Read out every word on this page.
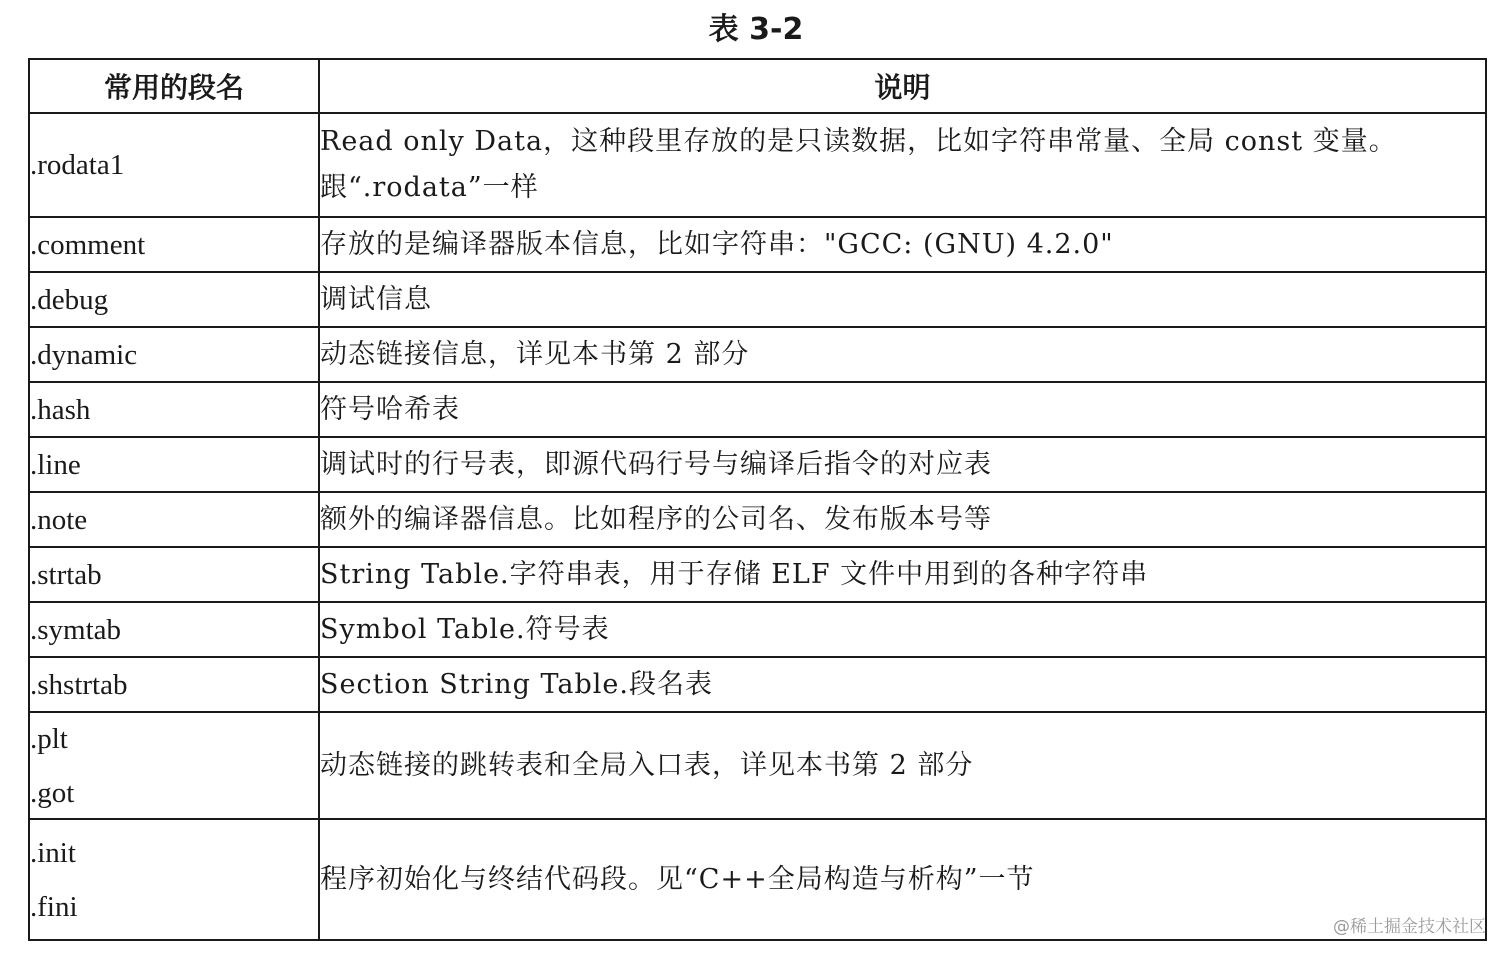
表 3-2
常用的段名	说明

.rodata1	Read only Data，这种段里存放的是只读数据，比如字符串常量、全局 const 变量。跟“.rodata”一样

.comment	存放的是编译器版本信息，比如字符串："GCC: (GNU) 4.2.0"

.debug	调试信息

.dynamic	动态链接信息，详见本书第 2 部分

.hash	符号哈希表

.line	调试时的行号表，即源代码行号与编译后指令的对应表

.note	额外的编译器信息。比如程序的公司名、发布版本号等

.strtab	String Table.字符串表，用于存储 ELF 文件中用到的各种字符串

.symtab	Symbol Table.符号表

.shstrtab	Section String Table.段名表

.plt
.got	动态链接的跳转表和全局入口表，详见本书第 2 部分

.init
.fini	程序初始化与终结代码段。见“C++全局构造与析构”一节
@稀土掘金技术社区
